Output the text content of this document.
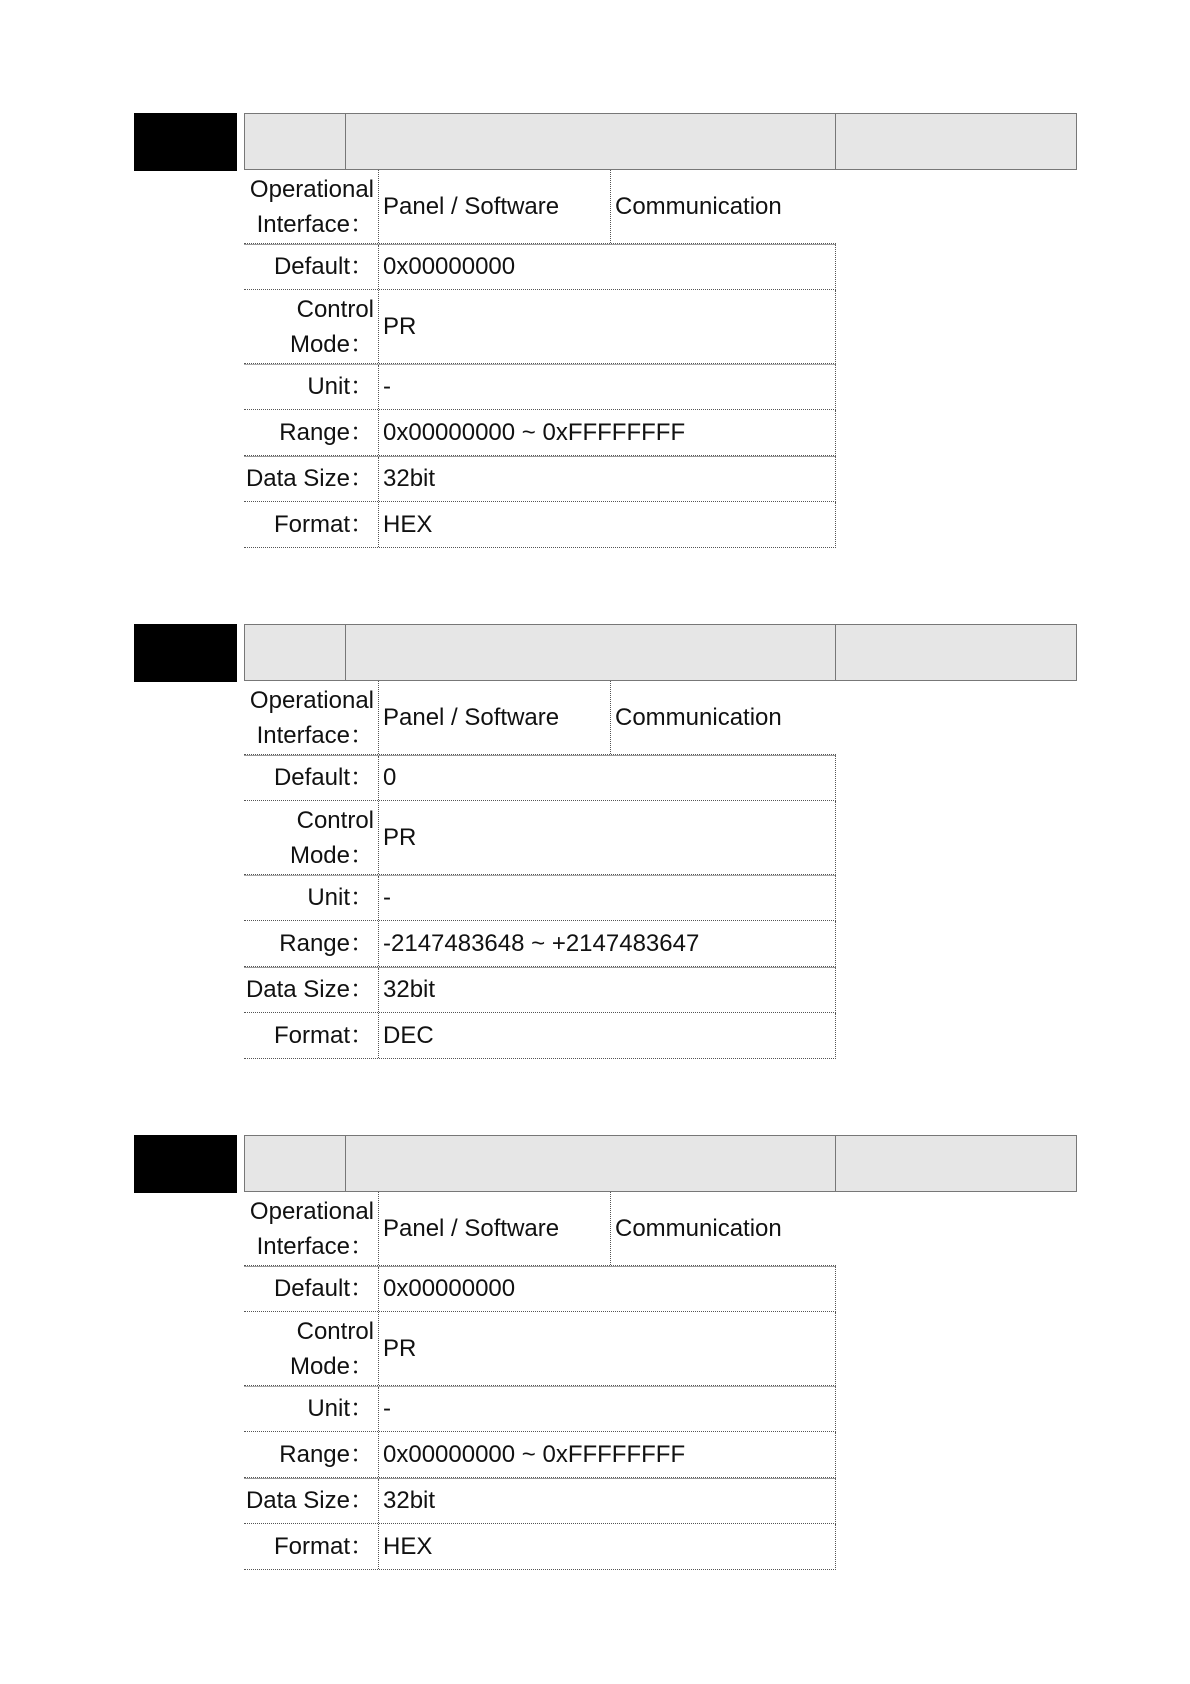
Operational
Interface：
Panel / Software	Communication
Default： 0x00000000
Control
Mode：
PR
Unit： -
Range： 0x00000000 ~ 0xFFFFFFFF
Data Size： 32bit
Format： HEX
Operational
Interface：
Panel / Software	Communication
Default： 0
Control
Mode：
PR
Unit： -
Range： -2147483648 ~ +2147483647
Data Size： 32bit
Format： DEC
Operational
Interface：
Panel / Software	Communication
Default： 0x00000000
Control
Mode：
PR
Unit： -
Range： 0x00000000 ~ 0xFFFFFFFF
Data Size： 32bit
Format： HEX
